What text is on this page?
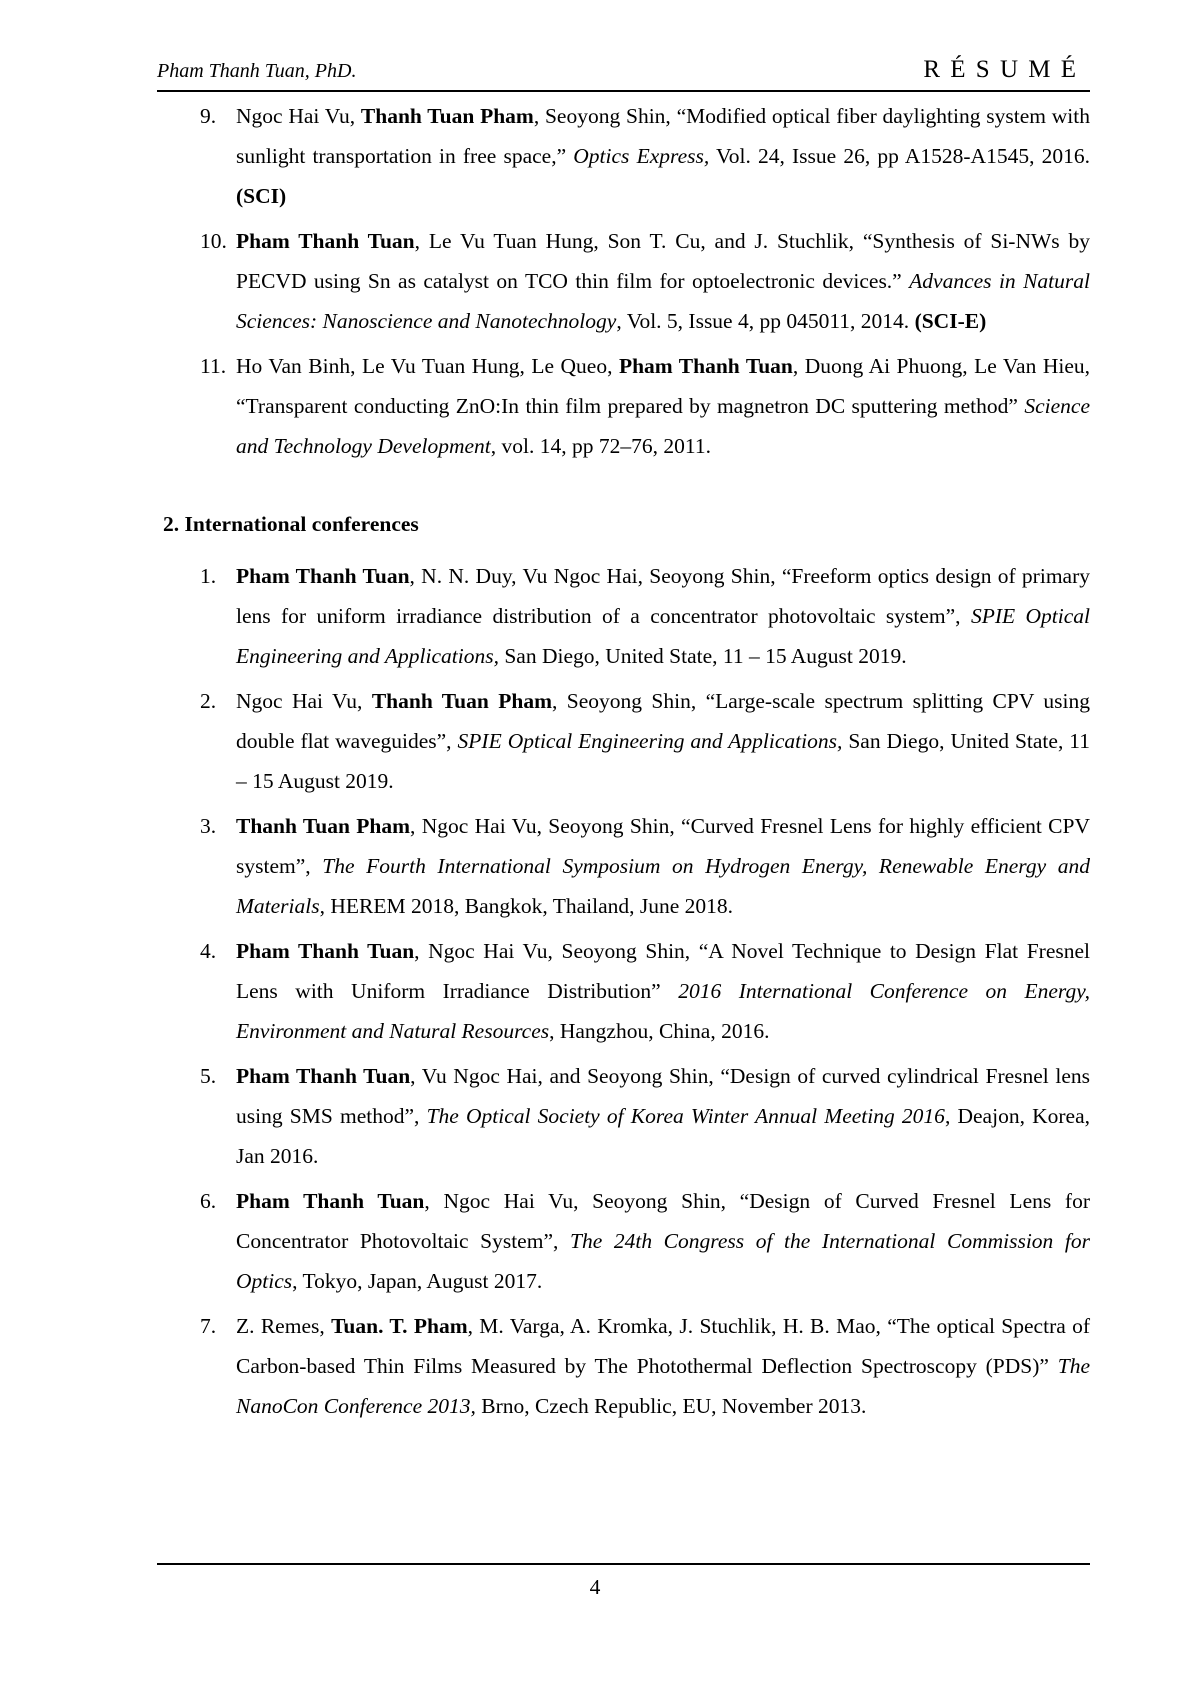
Pham Thanh Tuan, PhD.	R É S U M É
9. Ngoc Hai Vu, Thanh Tuan Pham, Seoyong Shin, “Modified optical fiber daylighting system with sunlight transportation in free space,” Optics Express, Vol. 24, Issue 26, pp A1528-A1545, 2016. (SCI)
10. Pham Thanh Tuan, Le Vu Tuan Hung, Son T. Cu, and J. Stuchlik, “Synthesis of Si-NWs by PECVD using Sn as catalyst on TCO thin film for optoelectronic devices.” Advances in Natural Sciences: Nanoscience and Nanotechnology, Vol. 5, Issue 4, pp 045011, 2014. (SCI-E)
11. Ho Van Binh, Le Vu Tuan Hung, Le Queo, Pham Thanh Tuan, Duong Ai Phuong, Le Van Hieu, “Transparent conducting ZnO:In thin film prepared by magnetron DC sputtering method” Science and Technology Development, vol. 14, pp 72–76, 2011.
2. International conferences
1. Pham Thanh Tuan, N. N. Duy, Vu Ngoc Hai, Seoyong Shin, “Freeform optics design of primary lens for uniform irradiance distribution of a concentrator photovoltaic system”, SPIE Optical Engineering and Applications, San Diego, United State, 11 – 15 August 2019.
2. Ngoc Hai Vu, Thanh Tuan Pham, Seoyong Shin, “Large-scale spectrum splitting CPV using double flat waveguides”, SPIE Optical Engineering and Applications, San Diego, United State, 11 – 15 August 2019.
3. Thanh Tuan Pham, Ngoc Hai Vu, Seoyong Shin, “Curved Fresnel Lens for highly efficient CPV system”, The Fourth International Symposium on Hydrogen Energy, Renewable Energy and Materials, HEREM 2018, Bangkok, Thailand, June 2018.
4. Pham Thanh Tuan, Ngoc Hai Vu, Seoyong Shin, “A Novel Technique to Design Flat Fresnel Lens with Uniform Irradiance Distribution” 2016 International Conference on Energy, Environment and Natural Resources, Hangzhou, China, 2016.
5. Pham Thanh Tuan, Vu Ngoc Hai, and Seoyong Shin, “Design of curved cylindrical Fresnel lens using SMS method”, The Optical Society of Korea Winter Annual Meeting 2016, Deajon, Korea, Jan 2016.
6. Pham Thanh Tuan, Ngoc Hai Vu, Seoyong Shin, “Design of Curved Fresnel Lens for Concentrator Photovoltaic System”, The 24th Congress of the International Commission for Optics, Tokyo, Japan, August 2017.
7. Z. Remes, Tuan. T. Pham, M. Varga, A. Kromka, J. Stuchlik, H. B. Mao, “The optical Spectra of Carbon-based Thin Films Measured by The Photothermal Deflection Spectroscopy (PDS)” The NanoCon Conference 2013, Brno, Czech Republic, EU, November 2013.
4
